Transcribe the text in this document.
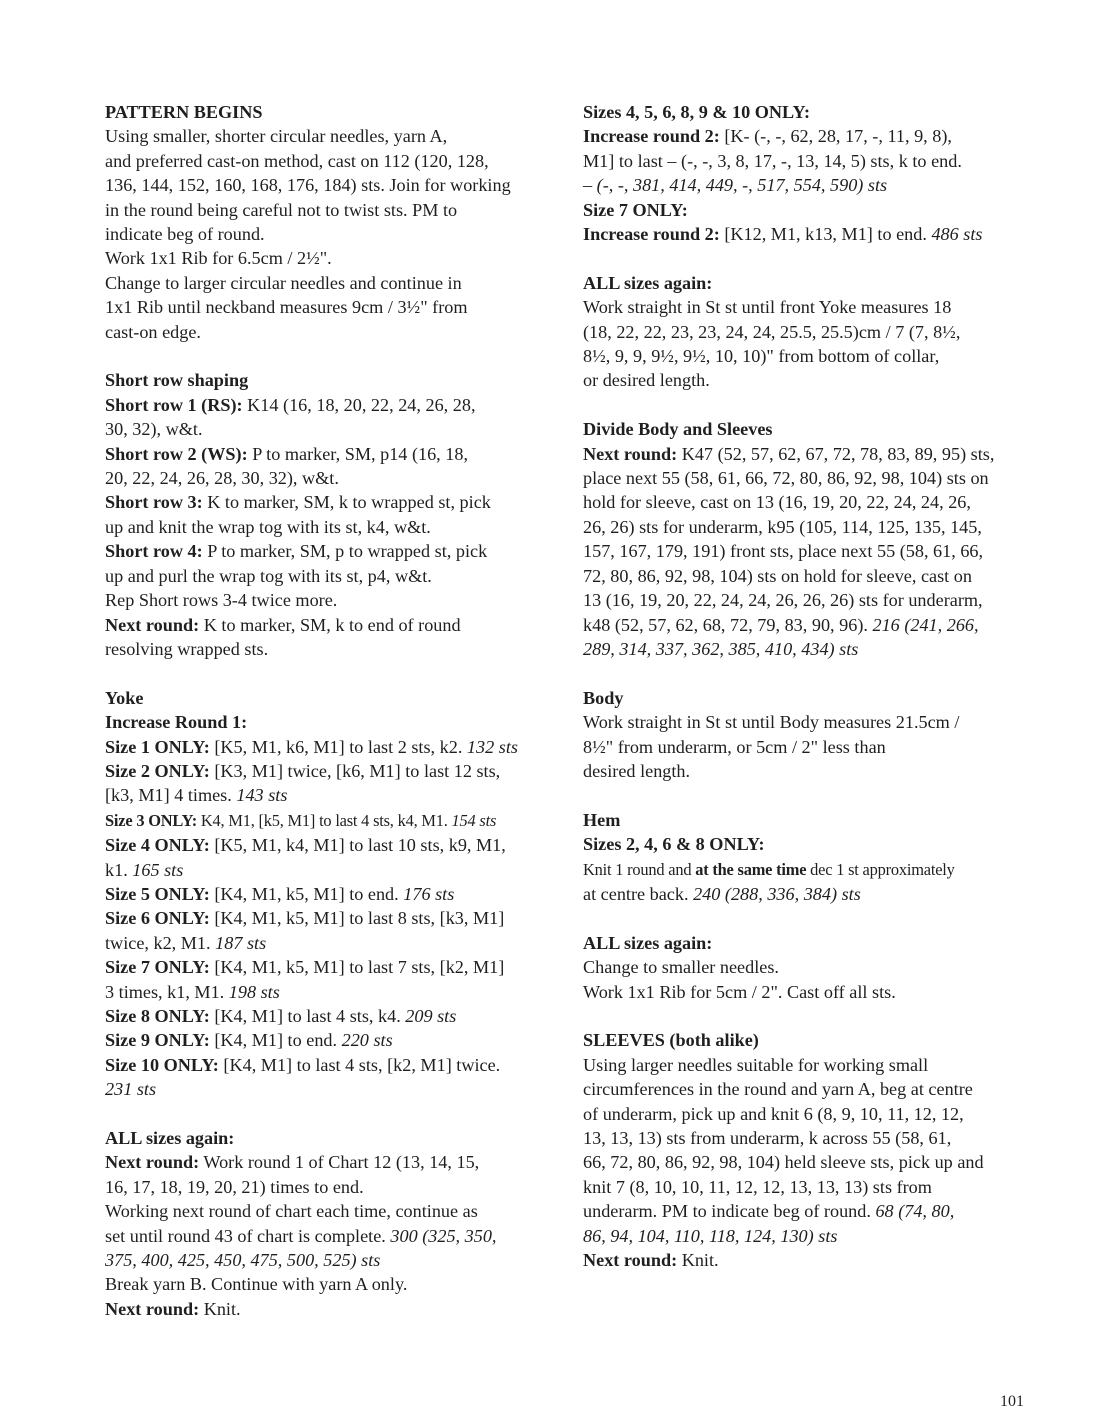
PATTERN BEGINS
Using smaller, shorter circular needles, yarn A,
and preferred cast-on method, cast on 112 (120, 128,
136, 144, 152, 160, 168, 176, 184) sts. Join for working
in the round being careful not to twist sts. PM to
indicate beg of round.
Work 1x1 Rib for 6.5cm / 2½".
Change to larger circular needles and continue in
1x1 Rib until neckband measures 9cm / 3½" from
cast-on edge.
Short row shaping
Short row 1 (RS): K14 (16, 18, 20, 22, 24, 26, 28,
30, 32), w&t.
Short row 2 (WS): P to marker, SM, p14 (16, 18,
20, 22, 24, 26, 28, 30, 32), w&t.
Short row 3: K to marker, SM, k to wrapped st, pick
up and knit the wrap tog with its st, k4, w&t.
Short row 4: P to marker, SM, p to wrapped st, pick
up and purl the wrap tog with its st, p4, w&t.
Rep Short rows 3-4 twice more.
Next round: K to marker, SM, k to end of round
resolving wrapped sts.
Yoke
Increase Round 1:
Size 1 ONLY: [K5, M1, k6, M1] to last 2 sts, k2. 132 sts
Size 2 ONLY: [K3, M1] twice, [k6, M1] to last 12 sts,
[k3, M1] 4 times. 143 sts
Size 3 ONLY: K4, M1, [k5, M1] to last 4 sts, k4, M1. 154 sts
Size 4 ONLY: [K5, M1, k4, M1] to last 10 sts, k9, M1,
k1. 165 sts
Size 5 ONLY: [K4, M1, k5, M1] to end. 176 sts
Size 6 ONLY: [K4, M1, k5, M1] to last 8 sts, [k3, M1]
twice, k2, M1. 187 sts
Size 7 ONLY: [K4, M1, k5, M1] to last 7 sts, [k2, M1]
3 times, k1, M1. 198 sts
Size 8 ONLY: [K4, M1] to last 4 sts, k4. 209 sts
Size 9 ONLY: [K4, M1] to end. 220 sts
Size 10 ONLY: [K4, M1] to last 4 sts, [k2, M1] twice.
231 sts
ALL sizes again:
Next round: Work round 1 of Chart 12 (13, 14, 15,
16, 17, 18, 19, 20, 21) times to end.
Working next round of chart each time, continue as
set until round 43 of chart is complete. 300 (325, 350,
375, 400, 425, 450, 475, 500, 525) sts
Break yarn B. Continue with yarn A only.
Next round: Knit.
Sizes 4, 5, 6, 8, 9 & 10 ONLY:
Increase round 2: [K- (-, -, 62, 28, 17, -, 11, 9, 8),
M1] to last – (-, -, 3, 8, 17, -, 13, 14, 5) sts, k to end.
– (-, -, 381, 414, 449, -, 517, 554, 590) sts
Size 7 ONLY:
Increase round 2: [K12, M1, k13, M1] to end. 486 sts
ALL sizes again:
Work straight in St st until front Yoke measures 18
(18, 22, 22, 23, 23, 24, 24, 25.5, 25.5)cm / 7 (7, 8½,
8½, 9, 9, 9½, 9½, 10, 10)" from bottom of collar,
or desired length.
Divide Body and Sleeves
Next round: K47 (52, 57, 62, 67, 72, 78, 83, 89, 95) sts,
place next 55 (58, 61, 66, 72, 80, 86, 92, 98, 104) sts on
hold for sleeve, cast on 13 (16, 19, 20, 22, 24, 24, 26,
26, 26) sts for underarm, k95 (105, 114, 125, 135, 145,
157, 167, 179, 191) front sts, place next 55 (58, 61, 66,
72, 80, 86, 92, 98, 104) sts on hold for sleeve, cast on
13 (16, 19, 20, 22, 24, 24, 26, 26, 26) sts for underarm,
k48 (52, 57, 62, 68, 72, 79, 83, 90, 96). 216 (241, 266,
289, 314, 337, 362, 385, 410, 434) sts
Body
Work straight in St st until Body measures 21.5cm /
8½" from underarm, or 5cm / 2" less than
desired length.
Hem
Sizes 2, 4, 6 & 8 ONLY:
Knit 1 round and at the same time dec 1 st approximately
at centre back. 240 (288, 336, 384) sts
ALL sizes again:
Change to smaller needles.
Work 1x1 Rib for 5cm / 2". Cast off all sts.
SLEEVES (both alike)
Using larger needles suitable for working small
circumferences in the round and yarn A, beg at centre
of underarm, pick up and knit 6 (8, 9, 10, 11, 12, 12,
13, 13, 13) sts from underarm, k across 55 (58, 61,
66, 72, 80, 86, 92, 98, 104) held sleeve sts, pick up and
knit 7 (8, 10, 10, 11, 12, 12, 13, 13, 13) sts from
underarm. PM to indicate beg of round. 68 (74, 80,
86, 94, 104, 110, 118, 124, 130) sts
Next round: Knit.
101
